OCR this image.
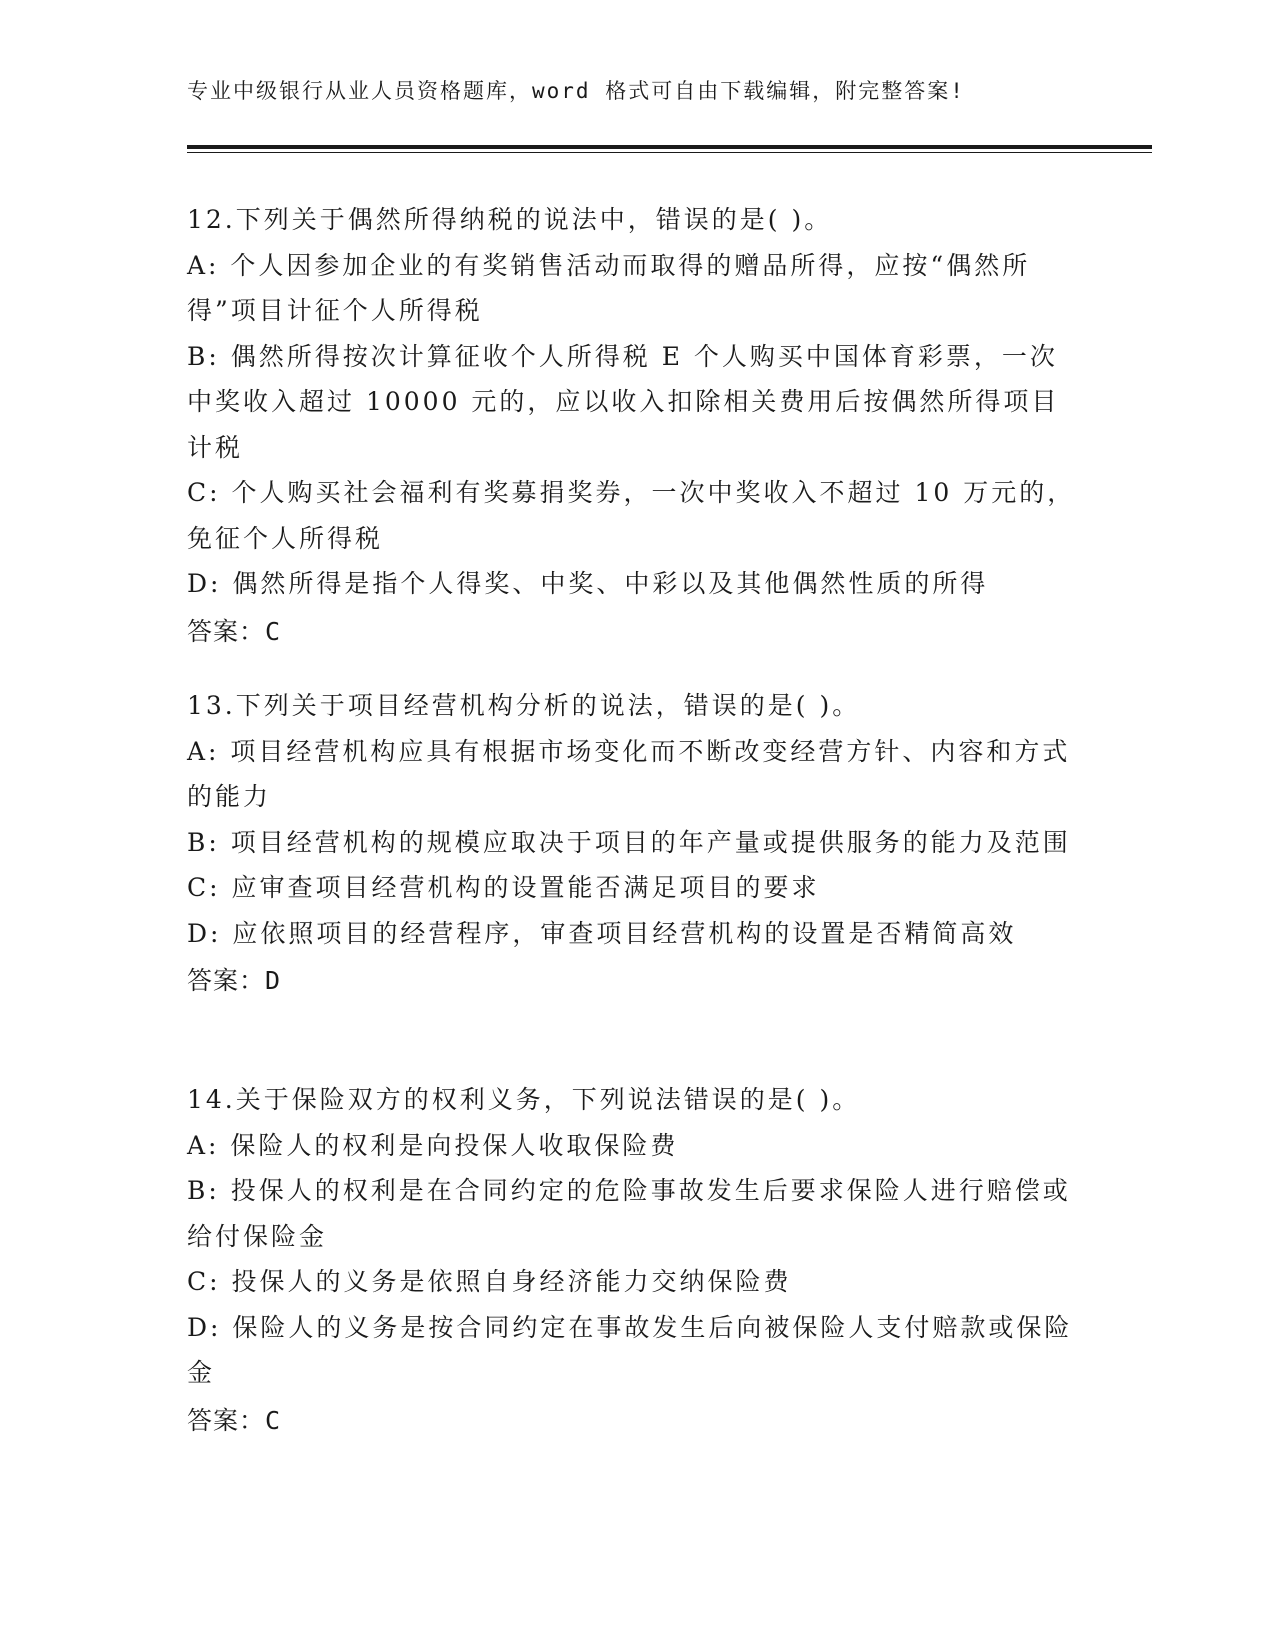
专业中级银行从业人员资格题库，word 格式可自由下载编辑，附完整答案!
12.下列关于偶然所得纳税的说法中，错误的是( )。
A: 个人因参加企业的有奖销售活动而取得的赠品所得，应按“偶然所得”项目计征个人所得税
B: 偶然所得按次计算征收个人所得税 E 个人购买中国体育彩票，一次中奖收入超过 10000 元的，应以收入扣除相关费用后按偶然所得项目计税
C: 个人购买社会福利有奖募捐奖券，一次中奖收入不超过 10 万元的，免征个人所得税
D: 偶然所得是指个人得奖、中奖、中彩以及其他偶然性质的所得
答案：C
13.下列关于项目经营机构分析的说法，错误的是( )。
A: 项目经营机构应具有根据市场变化而不断改变经营方针、内容和方式的能力
B: 项目经营机构的规模应取决于项目的年产量或提供服务的能力及范围
C: 应审查项目经营机构的设置能否满足项目的要求
D: 应依照项目的经营程序，审查项目经营机构的设置是否精简高效
答案：D
14.关于保险双方的权利义务，下列说法错误的是( )。
A: 保险人的权利是向投保人收取保险费
B: 投保人的权利是在合同约定的危险事故发生后要求保险人进行赔偿或给付保险金
C: 投保人的义务是依照自身经济能力交纳保险费
D: 保险人的义务是按合同约定在事故发生后向被保险人支付赔款或保险金
答案：C
